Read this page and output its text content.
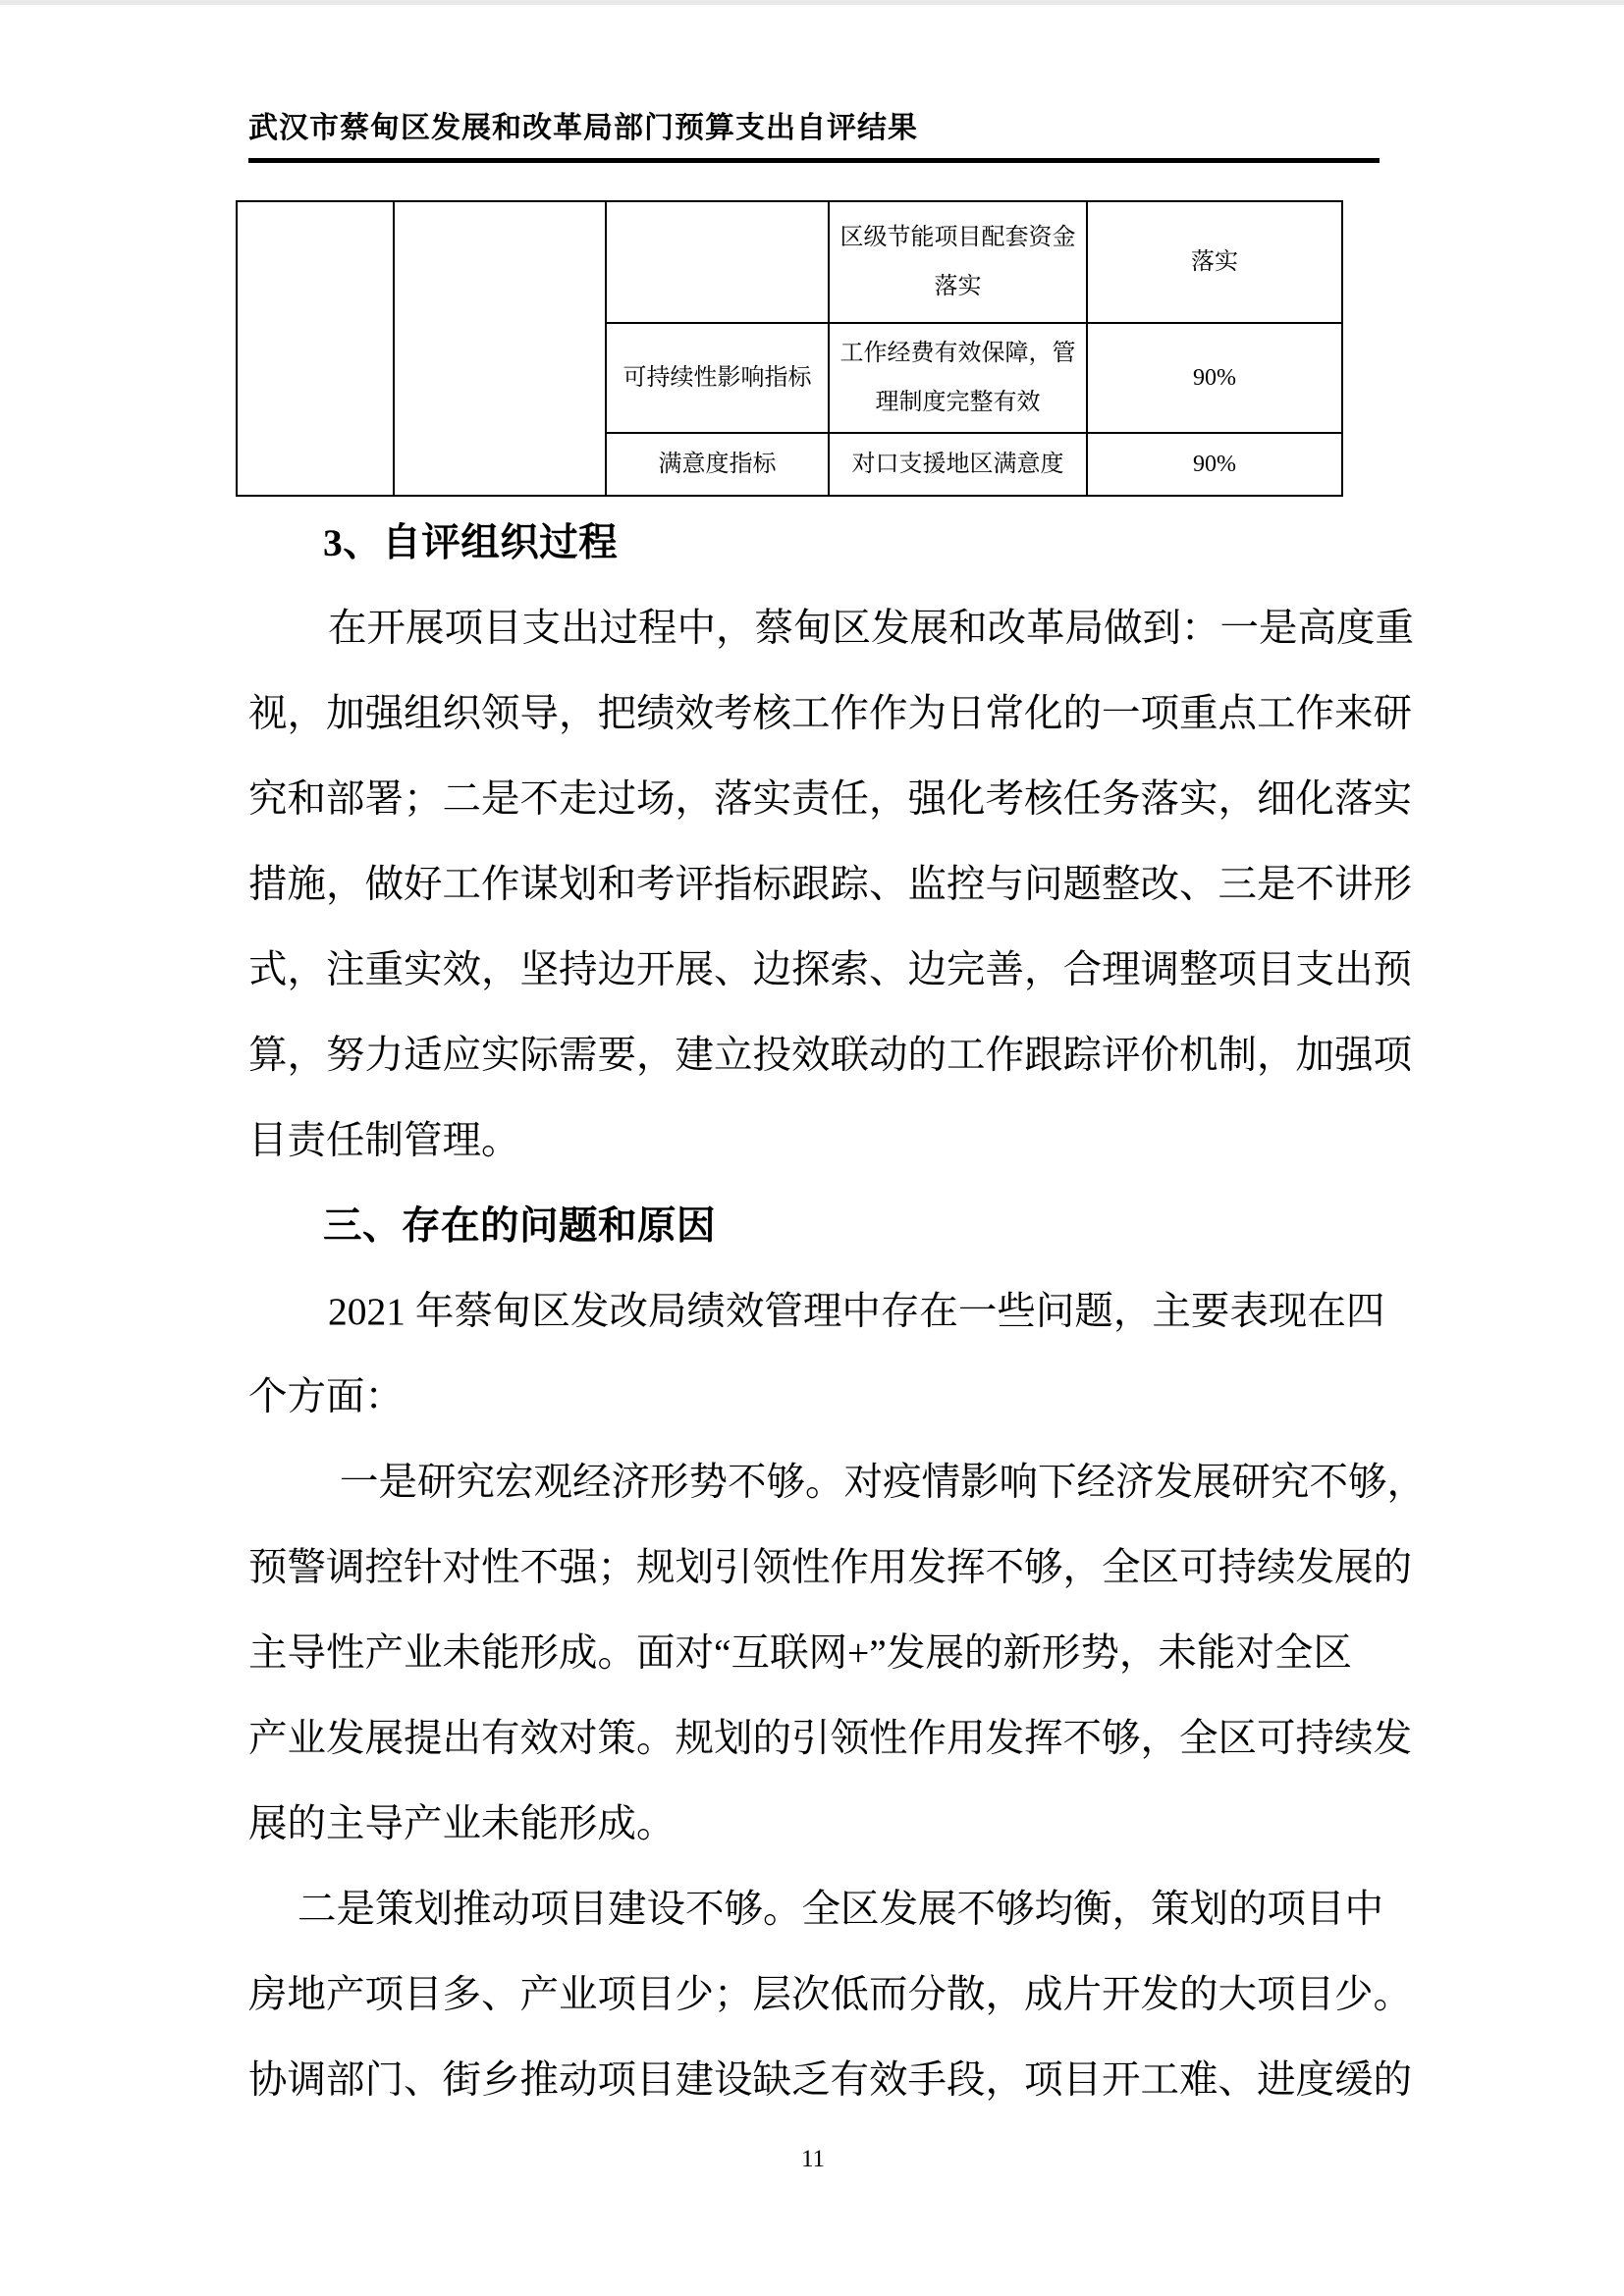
武汉市蔡甸区发展和改革局部门预算支出自评结果
			区级节能项目配套资金落实	落实
		可持续性影响指标	工作经费有效保障，管理制度完整有效	90%
		满意度指标	对口支援地区满意度	90%
3、自评组织过程
在开展项目支出过程中，蔡甸区发展和改革局做到：一是高度重
视，加强组织领导，把绩效考核工作作为日常化的一项重点工作来研
究和部署；二是不走过场，落实责任，强化考核任务落实，细化落实
措施，做好工作谋划和考评指标跟踪、监控与问题整改、三是不讲形
式，注重实效，坚持边开展、边探索、边完善，合理调整项目支出预
算，努力适应实际需要，建立投效联动的工作跟踪评价机制，加强项
目责任制管理。
三、存在的问题和原因
2021 年蔡甸区发改局绩效管理中存在一些问题，主要表现在四
个方面：
一是研究宏观经济形势不够。对疫情影响下经济发展研究不够，
预警调控针对性不强；规划引领性作用发挥不够，全区可持续发展的
主导性产业未能形成。面对“互联网+”发展的新形势，未能对全区
产业发展提出有效对策。规划的引领性作用发挥不够，全区可持续发
展的主导产业未能形成。
二是策划推动项目建设不够。全区发展不够均衡，策划的项目中
房地产项目多、产业项目少；层次低而分散，成片开发的大项目少。
协调部门、街乡推动项目建设缺乏有效手段，项目开工难、进度缓的
11
